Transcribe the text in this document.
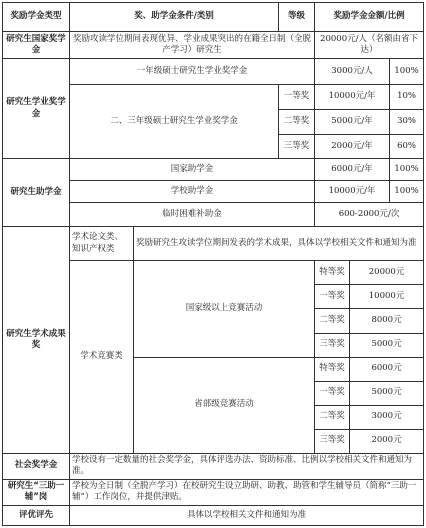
奖励学金类型	奖、助学金条件/类别		等级	奖励学金金额/比例		
研究生国家奖学金	奖励攻读学位期间表现优异、学业成果突出的在籍全日制（全脱产学习）研究生			20000元/人（名额由省下达）		
研究生学业奖学金	一年级硕士研究生学业奖学金			3000元/人		100%
	二、三年级硕士研究生学业奖学金		一等奖	10000元/年		10%
			二等奖	5000元/年		30%
			三等奖	2000元/年		60%
研究生助学金	国家助学金			6000元/年		100%
	学校助学金			10000元/年		100%
	临时困难补助金			600-2000元/次		
研究生学术成果奖	学术论文类、知识产权类	奖励研究生攻读学位期间发表的学术成果，具体以学校相关文件和通知为准				
	学术竞赛类	国家级以上竞赛活动		特等奖	20000元	
				一等奖	10000元	
				二等奖	8000元	
				三等奖	5000元	
		省部级竞赛活动		特等奖	6000元	
				一等奖	5000元	
				二等奖	3000元	
				三等奖	2000元	
社会奖学金	学校设有一定数量的社会奖学金，具体评选办法、资助标准、比例以学校相关文件和通知为准。					
研究生“三助一辅”岗	学校为全日制（全脱产学习）在校研究生设立助研、助教、助管和学生辅导员（简称“三助一辅”）工作岗位，并提供津贴。					
评优评先	具体以学校相关文件和通知为准					
